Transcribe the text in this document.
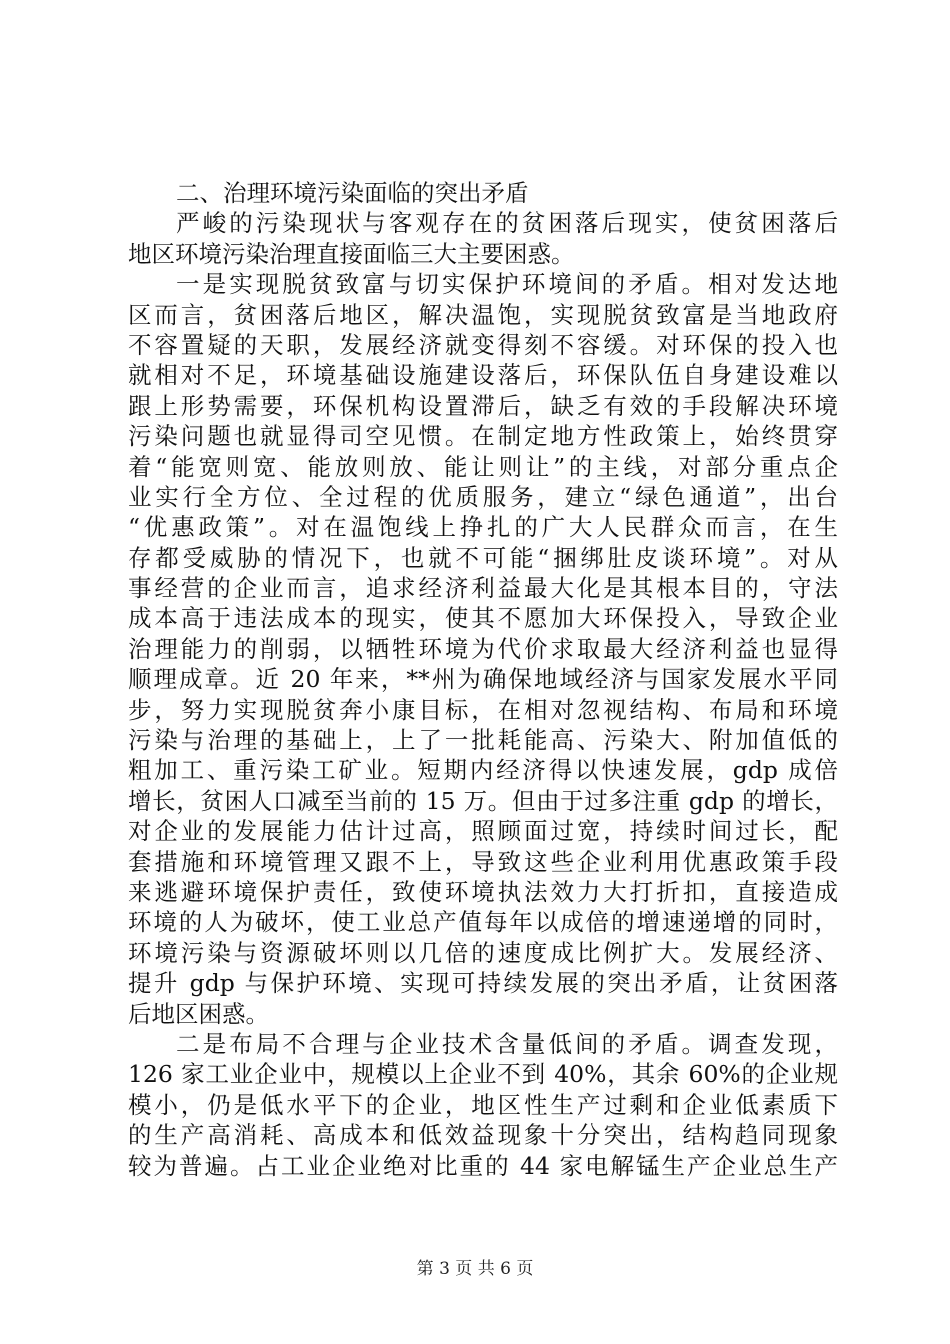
二、治理环境污染面临的突出矛盾
严峻的污染现状与客观存在的贫困落后现实，使贫困落后
地区环境污染治理直接面临三大主要困惑。
一是实现脱贫致富与切实保护环境间的矛盾。相对发达地
区而言，贫困落后地区，解决温饱，实现脱贫致富是当地政府
不容置疑的天职，发展经济就变得刻不容缓。对环保的投入也
就相对不足，环境基础设施建设落后，环保队伍自身建设难以
跟上形势需要，环保机构设置滞后，缺乏有效的手段解决环境
污染问题也就显得司空见惯。在制定地方性政策上，始终贯穿
着“能宽则宽、能放则放、能让则让”的主线，对部分重点企
业实行全方位、全过程的优质服务，建立“绿色通道”，出台
“优惠政策”。对在温饱线上挣扎的广大人民群众而言，在生
存都受威胁的情况下，也就不可能“捆绑肚皮谈环境”。对从
事经营的企业而言，追求经济利益最大化是其根本目的，守法
成本高于违法成本的现实，使其不愿加大环保投入，导致企业
治理能力的削弱，以牺牲环境为代价求取最大经济利益也显得
顺理成章。近 20 年来，**州为确保地域经济与国家发展水平同
步，努力实现脱贫奔小康目标，在相对忽视结构、布局和环境
污染与治理的基础上，上了一批耗能高、污染大、附加值低的
粗加工、重污染工矿业。短期内经济得以快速发展，gdp 成倍
增长，贫困人口减至当前的 15 万。但由于过多注重 gdp 的增长，
对企业的发展能力估计过高，照顾面过宽，持续时间过长，配
套措施和环境管理又跟不上，导致这些企业利用优惠政策手段
来逃避环境保护责任，致使环境执法效力大打折扣，直接造成
环境的人为破坏，使工业总产值每年以成倍的增速递增的同时，
环境污染与资源破坏则以几倍的速度成比例扩大。发展经济、
提升 gdp 与保护环境、实现可持续发展的突出矛盾，让贫困落
后地区困惑。
二是布局不合理与企业技术含量低间的矛盾。调查发现，
126 家工业企业中，规模以上企业不到 40%，其余 60%的企业规
模小，仍是低水平下的企业，地区性生产过剩和企业低素质下
的生产高消耗、高成本和低效益现象十分突出，结构趋同现象
较为普遍。占工业企业绝对比重的 44 家电解锰生产企业总生产
第 3 页 共 6 页
